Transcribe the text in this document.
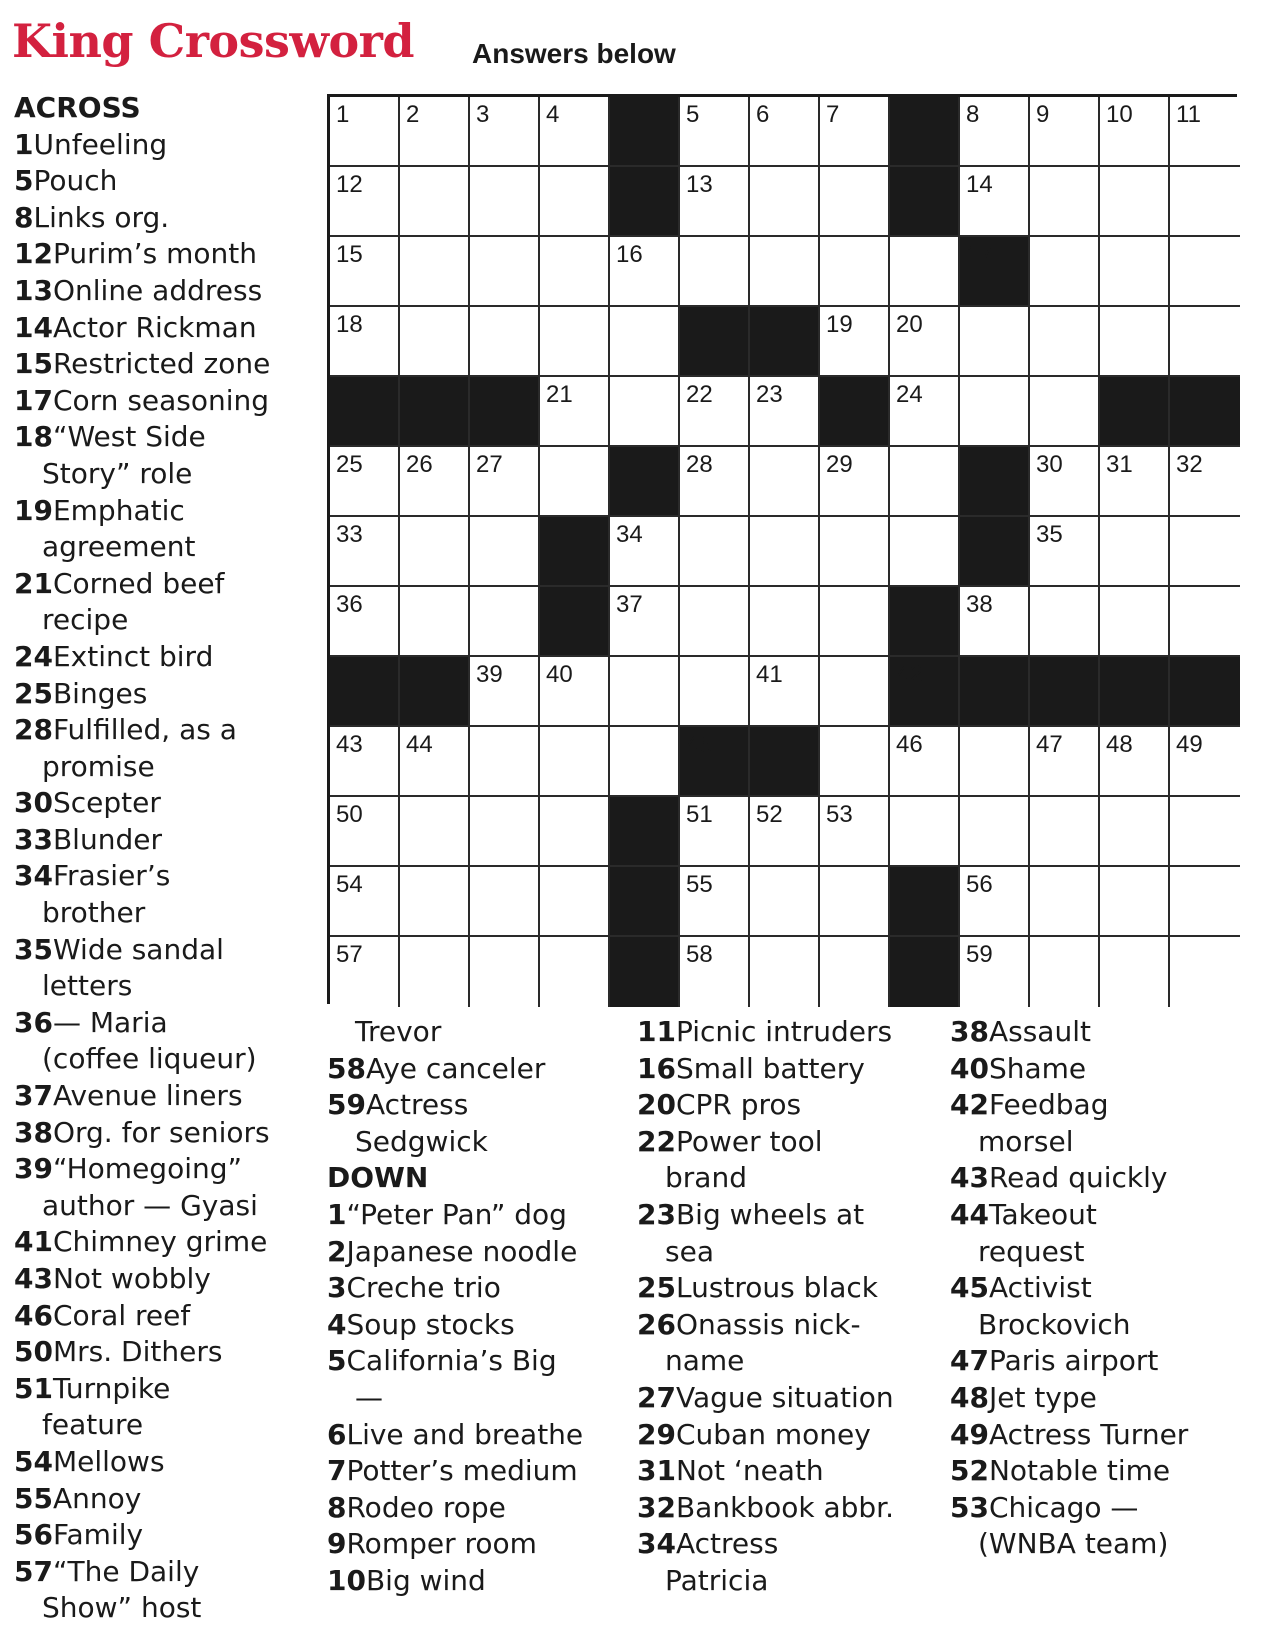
King Crossword Answers below
1 2 3 4	5 6 7	8 9 10 11
12	13	14
15	16	17
18	19 20
21	22 23	24
25 26 27	28	29	30 31 32
33	34	35
36	37	38
39 40	41	42
43 44	45	46	47 48 49
50	51 52 53
54	55	56
57	58	59
ACROSS
1Unfeeling
5Pouch
8Links org.
12Purim’s month
13Online address
14Actor Rickman
15Restricted zone
17Corn seasoning
18“West Side
Story” role
19Emphatic
agreement
21Corned beef
recipe
24Extinct bird
25Binges
28Fulfilled, as a
promise
30Scepter
33Blunder
34Frasier’s
brother
35Wide sandal
letters
36— Maria
(coffee liqueur)
37Avenue liners
38Org. for seniors
39“Homegoing”
author — Gyasi
41Chimney grime
43Not wobbly
46Coral reef
50Mrs. Dithers
51Turnpike
feature
54Mellows
55Annoy
56Family
57“The Daily
Show” host
Trevor
58Aye canceler
59Actress
Sedgwick
DOWN
1“Peter Pan” dog
2Japanese noodle
3Creche trio
4Soup stocks
5California’s Big
—
6Live and breathe
7Potter’s medium
8Rodeo rope
9Romper room
10Big wind
11Picnic intruders
16Small battery
20CPR pros
22Power tool
brand
23Big wheels at
sea
25Lustrous black
26Onassis nick-
name
27Vague situation
29Cuban money
31Not ‘neath
32Bankbook abbr.
34Actress
Patricia
38Assault
40Shame
42Feedbag
morsel
43Read quickly
44Takeout
request
45Activist
Brockovich
47Paris airport
48Jet type
49Actress Turner
52Notable time
53Chicago —
(WNBA team)
